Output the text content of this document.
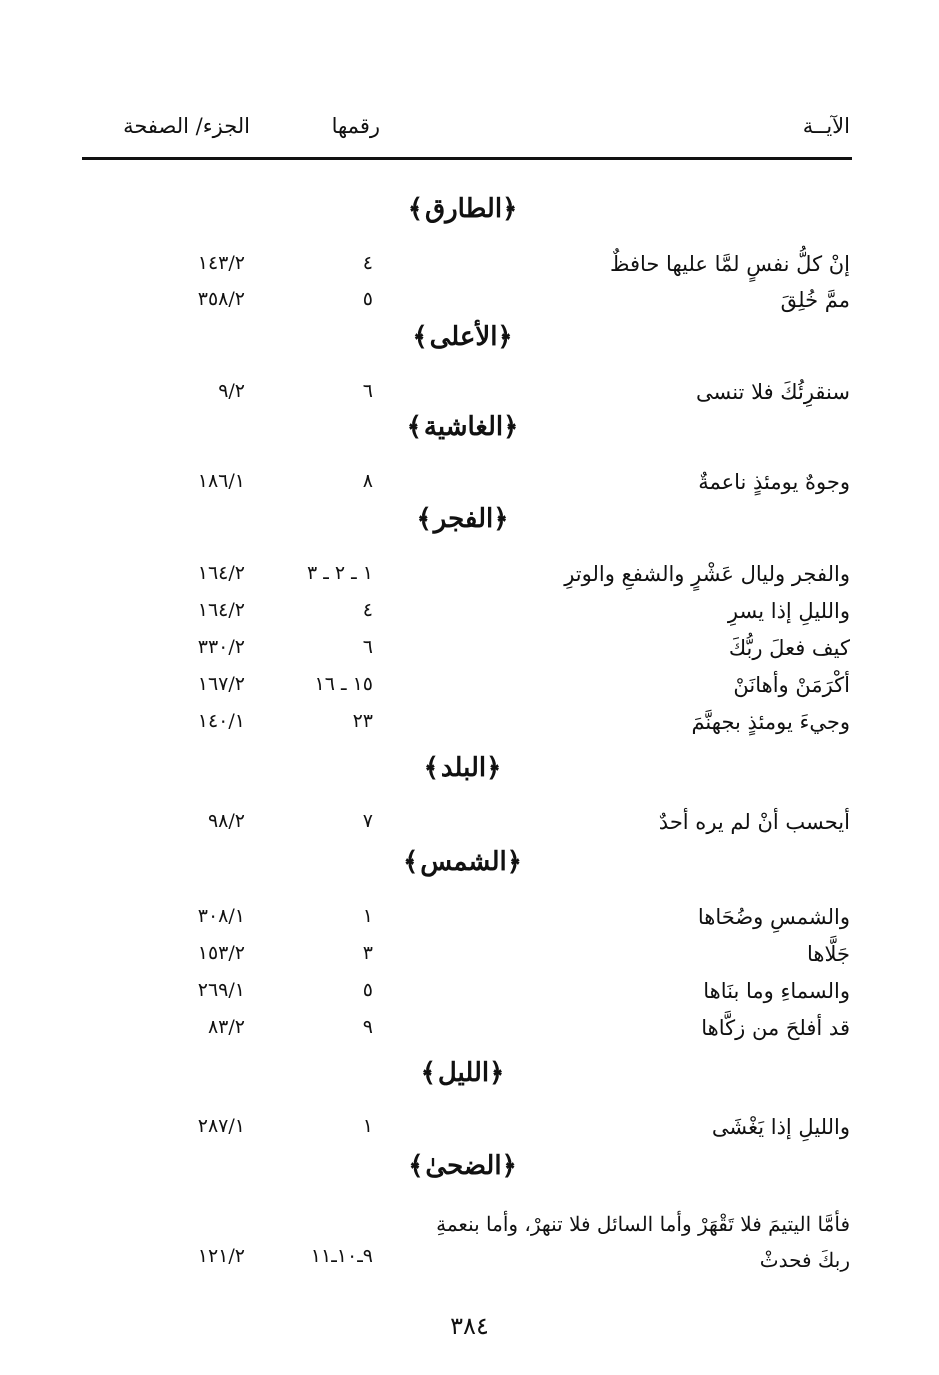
الآيــة
رقمها
الجزء/ الصفحة
﴿الطارق﴾
إنْ كلُّ نفسٍ لمَّا عليها حافظٌ
٤
١٤٣/٢
ممَّ خُلِقَ
٥
٣٥٨/٢
﴿الأعلى﴾
سنقرِئُكَ فلا تنسى
٦
٩/٢
﴿الغاشية﴾
وجوهٌ يومئذٍ ناعمةٌ
٨
١٨٦/١
﴿الفجر﴾
والفجر وليال عَشْرٍ والشفعِ والوترِ
١ ـ ٢ ـ ٣
١٦٤/٢
والليلِ إذا يسرِ
٤
١٦٤/٢
كيف فعلَ ربُّكَ
٦
٣٣٠/٢
أكْرَمَنْ وأهانَنْ
١٥ ـ ١٦
١٦٧/٢
وجيءَ يومئذٍ بجهنَّمَ
٢٣
١٤٠/١
﴿البلد﴾
أيحسب أنْ لم يره أحدٌ
٧
٩٨/٢
﴿الشمس﴾
والشمسِ وضُحَاها
١
٣٠٨/١
جَلَّاها
٣
١٥٣/٢
والسماءِ وما بنَاها
٥
٢٦٩/١
قد أفلحَ من زكَّاها
٩
٨٣/٢
﴿الليل﴾
والليلِ إذا يَغْشَى
١
٢٨٧/١
﴿الضحىٰ﴾
فأمَّا اليتيمَ فلا تَقْهَرْ وأما السائل فلا تنهرْ، وأما بنعمةِ ربكَ فحدثْ
٩ـ١٠ـ١١
١٢١/٢
٣٨٤
